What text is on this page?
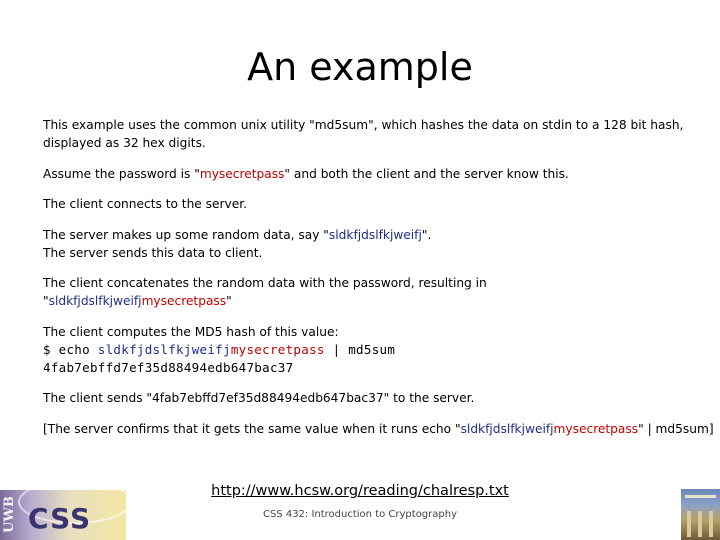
An example

This example uses the common unix utility "md5sum", which hashes the data on stdin to a 128 bit hash,
displayed as 32 hex digits.

Assume the password is "mysecretpass" and both the client and the server know this.

The client connects to the server.

The server makes up some random data, say "sldkfjdslfkjweifj".
The server sends this data to client.

The client concatenates the random data with the password, resulting in
"sldkfjdslfkjweifjmysecretpass"

The client computes the MD5 hash of this value:
$ echo sldkfjdslfkjweifjmysecretpass | md5sum
4fab7ebffd7ef35d88494edb647bac37

The client sends "4fab7ebffd7ef35d88494edb647bac37" to the server.

[The server confirms that it gets the same value when it runs echo "sldkfjdslfkjweifjmysecretpass" | md5sum]

UWB CSS
http://www.hcsw.org/reading/chalresp.txt
CSS 432: Introduction to Cryptography
